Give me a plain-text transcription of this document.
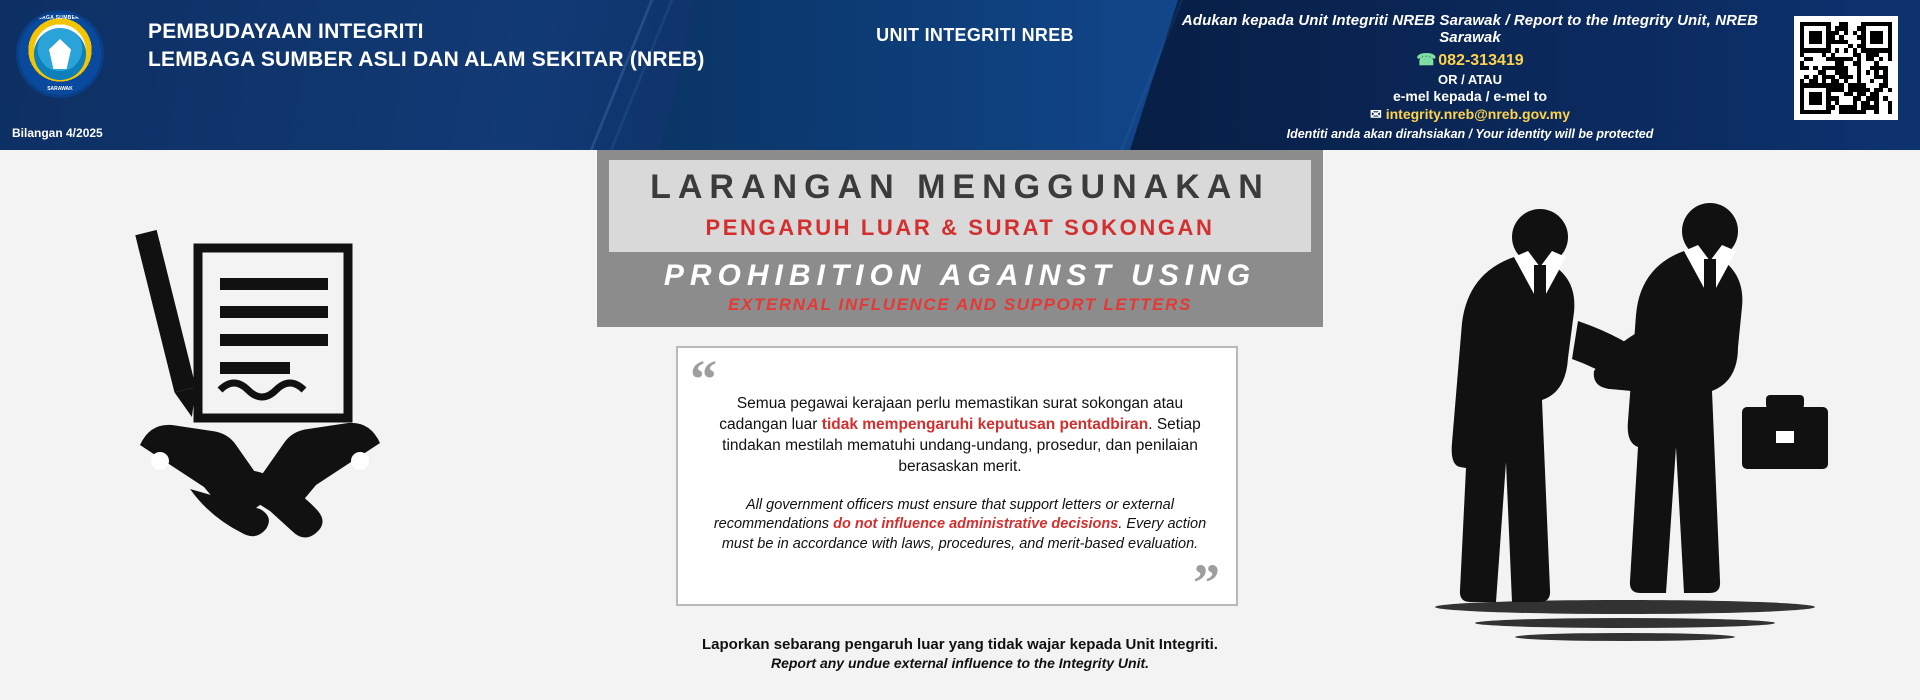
LEMBAGA SUMBER ASLI
SARAWAK
PEMBUDAYAAN INTEGRITI
LEMBAGA SUMBER ASLI DAN ALAM SEKITAR (NREB)
Bilangan 4/2025
UNIT INTEGRITI NREB
Adukan kepada Unit Integriti NREB Sarawak / Report to the Integrity Unit, NREB Sarawak
☎ 082-313419
OR / ATAU
e-mel kepada / e-mel to
✉ integrity.nreb@nreb.gov.my
Identiti anda akan dirahsiakan / Your identity will be protected
LARANGAN MENGGUNAKAN
PENGARUH LUAR & SURAT SOKONGAN
PROHIBITION AGAINST USING
EXTERNAL INFLUENCE AND SUPPORT LETTERS
“	Semua pegawai kerajaan perlu memastikan surat sokongan atau cadangan luar tidak mempengaruhi keputusan pentadbiran. Setiap tindakan mestilah mematuhi undang-undang, prosedur, dan penilaian berasaskan merit.
All government officers must ensure that support letters or external recommendations do not influence administrative decisions. Every action must be in accordance with laws, procedures, and merit-based evaluation.
”
Laporkan sebarang pengaruh luar yang tidak wajar kepada Unit Integriti.
Report any undue external influence to the Integrity Unit.
